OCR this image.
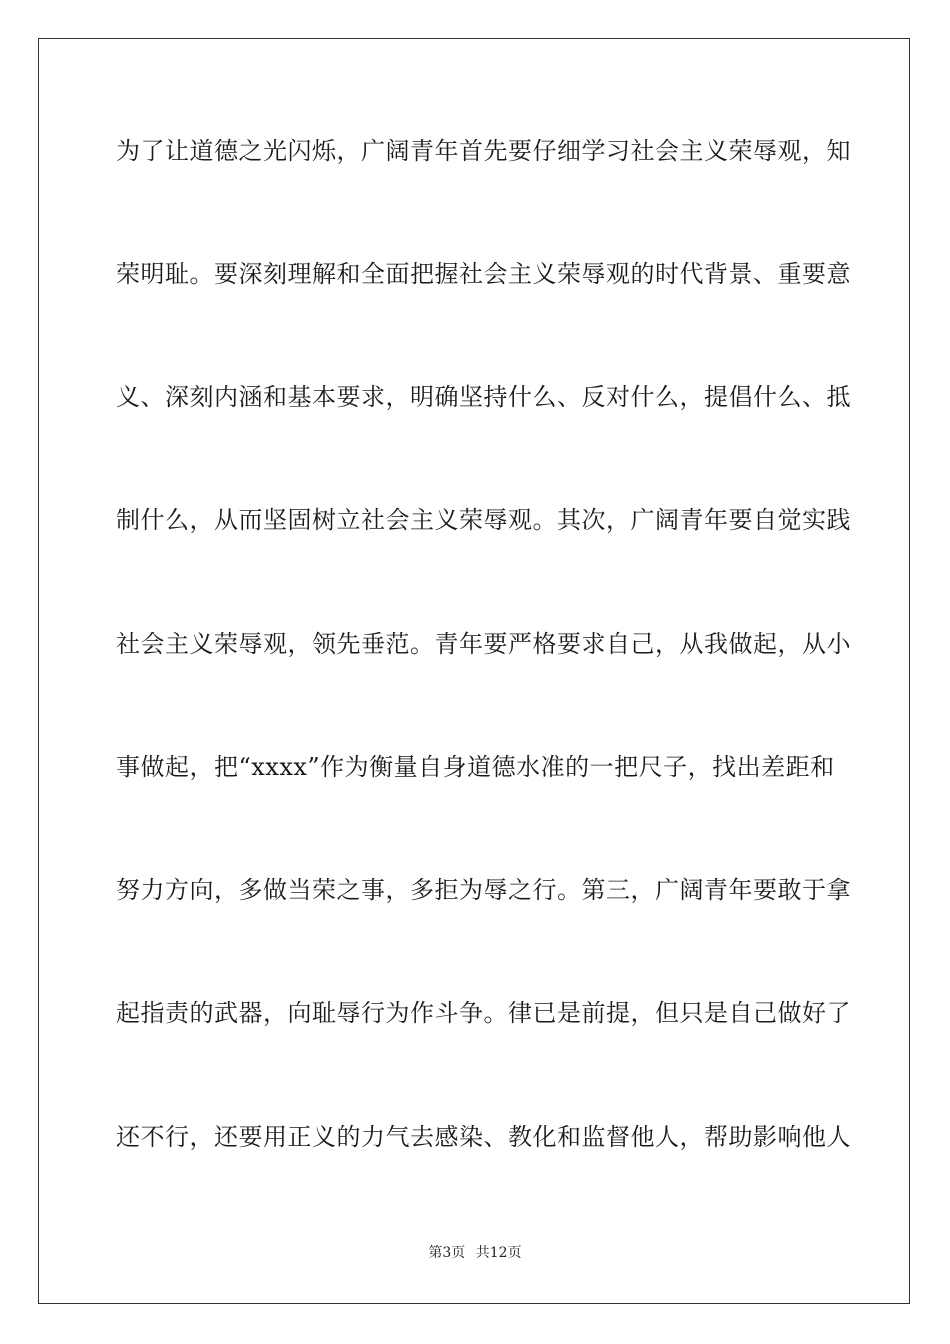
为了让道德之光闪烁，广阔青年首先要仔细学习社会主义荣辱观，知
荣明耻。要深刻理解和全面把握社会主义荣辱观的时代背景、重要意
义、深刻内涵和基本要求，明确坚持什么、反对什么，提倡什么、抵
制什么，从而坚固树立社会主义荣辱观。其次，广阔青年要自觉实践
社会主义荣辱观，领先垂范。青年要严格要求自己，从我做起，从小
事做起，把“xxxx”作为衡量自身道德水准的一把尺子，找出差距和
努力方向，多做当荣之事，多拒为辱之行。第三，广阔青年要敢于拿
起指责的武器，向耻辱行为作斗争。律已是前提，但只是自己做好了
还不行，还要用正义的力气去感染、教化和监督他人，帮助影响他人
第3页 共12页
